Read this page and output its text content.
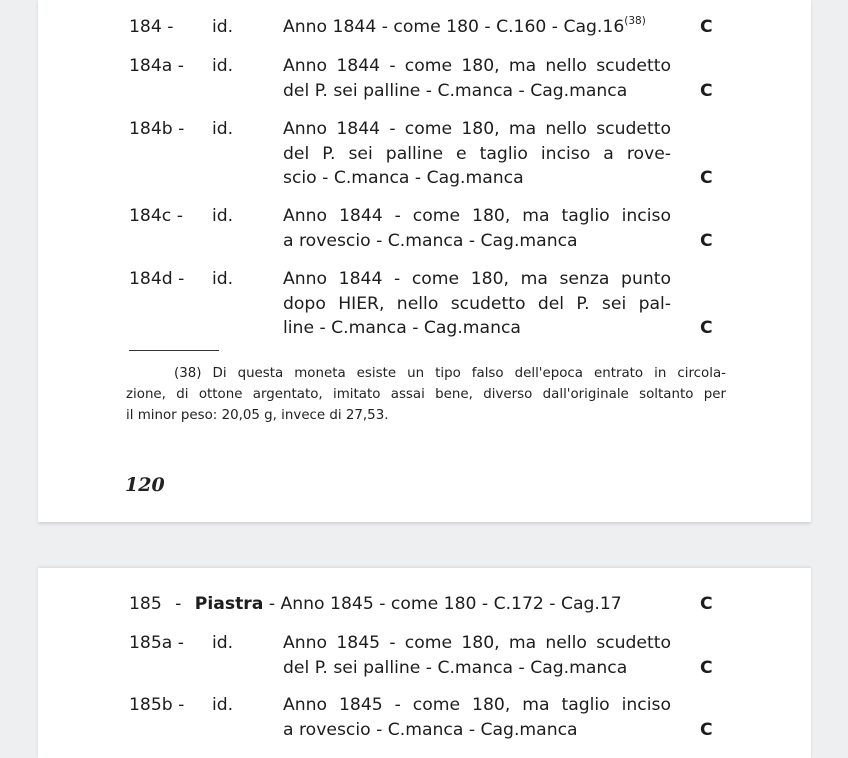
184 - id.	Anno 1844 - come 180 - C.160 - Cag.16$^{(38)}$	C
184a - id.	Anno 1844 - come 180, ma nello scudetto
del P. sei palline - C.manca - Cag.manca	C
184b - id.	Anno 1844 - come 180, ma nello scudetto
del P. sei palline e taglio inciso a rove-
scio - C.manca - Cag.manca	C
184c - id.	Anno 1844 - come 180, ma taglio inciso
a rovescio - C.manca - Cag.manca	C
184d - id.	Anno 1844 - come 180, ma senza punto
dopo HIER, nello scudetto del P. sei pal-
line - C.manca - Cag.manca	C
(38) Di questa moneta esiste un tipo falso dell'epoca entrato in circola-
zione, di ottone argentato, imitato assai bene, diverso dall'originale soltanto per
il minor peso: 20,05 g, invece di 27,53.
120
185 - Piastra - Anno 1845 - come 180 - C.172 - Cag.17	C
185a - id.	Anno 1845 - come 180, ma nello scudetto
del P. sei palline - C.manca - Cag.manca	C
185b - id.	Anno 1845 - come 180, ma taglio inciso
a rovescio - C.manca - Cag.manca	C
